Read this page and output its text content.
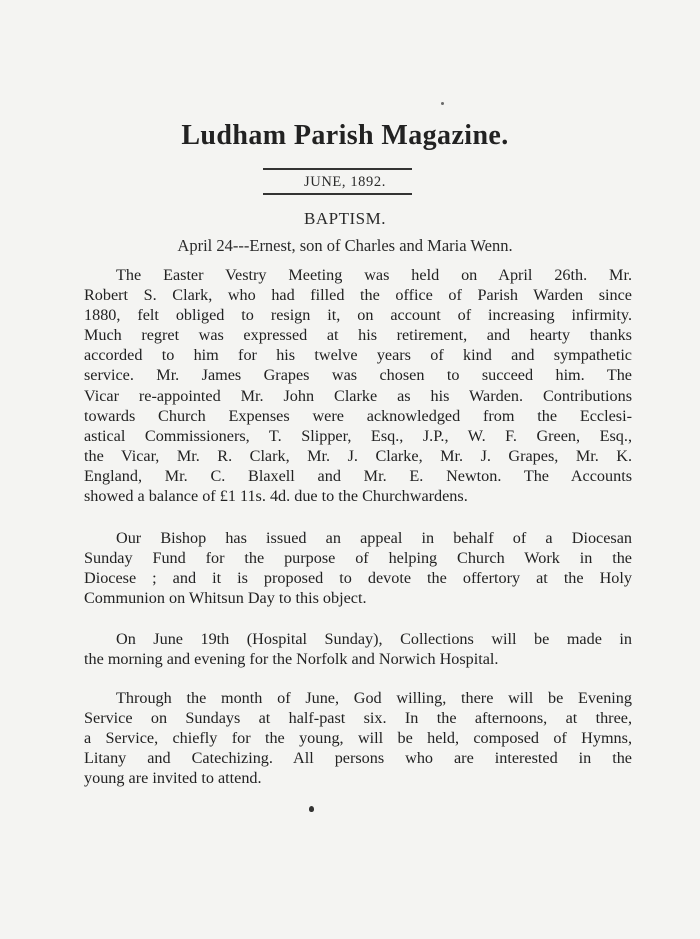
Ludham Parish Magazine.
JUNE, 1892.
BAPTISM.
April 24---Ernest, son of Charles and Maria Wenn.
The Easter Vestry Meeting was held on April 26th. Mr.
Robert S. Clark, who had filled the office of Parish Warden since
1880, felt obliged to resign it, on account of increasing infirmity.
Much regret was expressed at his retirement, and hearty thanks
accorded to him for his twelve years of kind and sympathetic
service. Mr. James Grapes was chosen to succeed him. The
Vicar re-appointed Mr. John Clarke as his Warden. Contributions
towards Church Expenses were acknowledged from the Ecclesi-
astical Commissioners, T. Slipper, Esq., J.P., W. F. Green, Esq.,
the Vicar, Mr. R. Clark, Mr. J. Clarke, Mr. J. Grapes, Mr. K.
England, Mr. C. Blaxell and Mr. E. Newton. The Accounts
showed a balance of £1 11s. 4d. due to the Churchwardens.
Our Bishop has issued an appeal in behalf of a Diocesan
Sunday Fund for the purpose of helping Church Work in the
Diocese ; and it is proposed to devote the offertory at the Holy
Communion on Whitsun Day to this object.
On June 19th (Hospital Sunday), Collections will be made in
the morning and evening for the Norfolk and Norwich Hospital.
Through the month of June, God willing, there will be Evening
Service on Sundays at half-past six. In the afternoons, at three,
a Service, chiefly for the young, will be held, composed of Hymns,
Litany and Catechizing. All persons who are interested in the
young are invited to attend.
